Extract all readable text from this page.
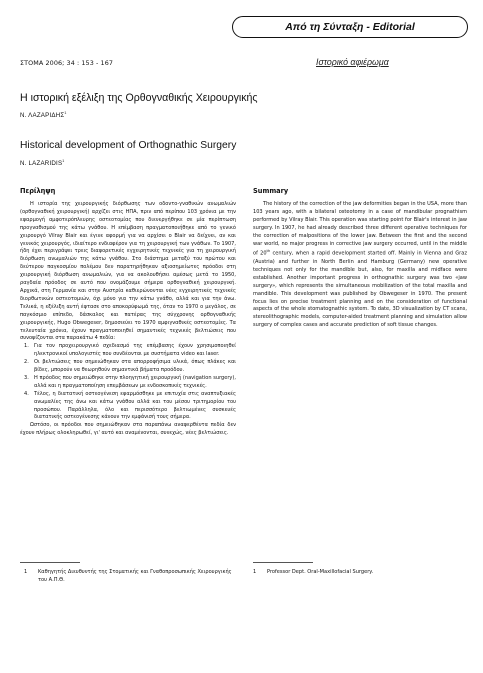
Από τη Σύνταξη - Editorial
ΣΤΟΜΑ 2006; 34 : 153 - 167	Ιστορικό αφιέρωμα
Η ιστορική εξέλιξη της Ορθογναθικής Χειρουργικής
Ν. ΛΑΖΑΡΙΔΗΣ$^1$
Historical development of Orthognathic Surgery
N. LAZARIDIS$^1$
Περίληψη	Summary

Η ιστορία της χειρουργικής διόρθωσης των οδοντο-γναθικών ανωμαλιών (ορθογναθική χειρουργική) αρχίζει στις ΗΠΑ, πριν από περίπου 103 χρόνια με την εφαρμογή αμφοτερόπλευρης οστεοτομίας που διενεργήθηκε σε μία περίπτωση προγναθισμού της κάτω γνάθου. Η επέμβαση πραγματοποιήθηκε από το γενικό χειρουργό Vilray Blair και έγινε αφορμή για να αρχίσει ο Blair να δείχνει, αν και γενικός χειρουργός, ιδιαίτερο ενδιαφέρον για τη χειρουργική των γνάθων. Το 1907, ήδη έχει περιγράψει τρεις διαφορετικές εγχειρητικές τεχνικές για τη χειρουργική διόρθωση ανωμαλιών της κάτω γνάθου. Στο διάστημα μεταξύ του πρώτου και δεύτερου παγκοσμίου πολέμου δεν παρατηρήθηκαν αξιοσημείωτες πρόοδοι στη χειρουργική διόρθωση ανωμαλιών, για να ακολουθήσει αμέσως μετά το 1950, ραγδαία πρόοδος σε αυτό που ονομάζουμε σήμερα ορθογναθική χειρουργική. Αρχικά, στη Γερμανία και στην Αυστρία καθιερώνονται νέες εγχειρητικές τεχνικές διορθωτικών οστεοτομιών, όχι μόνο για την κάτω γνάθο, αλλά και για την άνω. Τελικά, η εξέλιξη αυτή έφτασε στο αποκορύφωμά της, όταν το 1970 ο μεγάλος, σε παγκόσμιο επίπεδο, δάσκαλος και πατέρας της σύγχρονης ορθογναθικής χειρουργικής, Hugo Obwegeser, δημοσιεύει το 1970 αμφιγναθικές οστεοτομίες. Τα τελευταία χρόνια, έχουν πραγματοποιηθεί σημαντικές τεχνικές βελτιώσεις που συνοψίζονται στα παρακάτω 4 πεδία:

1.	Για τον προχειρουργικό σχεδιασμό της επέμβασης έχουν χρησιμοποιηθεί ηλεκτρονικοί υπολογιστές που συνδέονται με συστήματα video και laser.
2.	Οι βελτιώσεις που σημειώθηκαν στα απορροφήσιμα υλικά, όπως πλάκες και βίδες, μπορούν να θεωρηθούν σημαντικά βήματα προόδου.
3.	Η πρόοδος που σημειώθηκε στην πλοηγητική χειρουργική (navigation surgery), αλλά και η πραγματοποίηση επεμβάσεων με ενδοσκοπικές τεχνικές.
4.	Τέλος, η διατατική οστεογένεση εφαρμόσθηκε με επιτυχία στις αναπτυξιακές ανωμαλίες της άνω και κάτω γνάθου αλλά και του μέσου τριτημορίου του προσώπου. Παράλληλα, όλο και περισσότερο βελτιωμένες συσκευές διατατικής οστεογένεσης κάνουν την εμφάνισή τους σήμερα.

Ωστόσο, οι πρόοδοι που σημειώθηκαν στα παραπάνω αναφερθέντα πεδία δεν έχουν πλήρως ολοκληρωθεί, γι' αυτό και αναμένονται, συνεχώς, νέες βελτιώσεις.

The history of the correction of the jaw deformities began in the USA, more than 103 years ago, with a bilateral osteotomy in a case of mandibular prognathism performed by Vilray Blair. This operation was starting point for Blair's interest in jaw surgery. In 1907, he had already described three different operative techniques for the correction of malpositions of the lower jaw. Between the first and the second war world, no major progress in corrective jaw surgery occurred, until in the middle of 20th century, when a rapid development started off. Mainly in Vienna and Graz (Austria) and further in North Berlin and Hamburg (Germany) new operative techniques not only for the mandible but, also, for maxilla and midface were established. Another important progress in orthognathic surgery was two «jaw surgery», which represents the simultaneous mobilization of the total maxilla and mandible. This development was published by Obwegeser in 1970. The present focus lies on precise treatment planning and on the consideration of functional aspects of the whole stomatognathic system. To date, 3D visualization by CT scans, stereolithographic models, computer-aided treatment planning and simulation allow surgery of complex cases and accurate prediction of soft tissue changes.

1	Καθηγητής Διευθυντής της Στοματικής και Γναθοπροσωπικής Χειρουργικής του Α.Π.Θ.
1	Professor Dept. Oral-Maxillofacial Surgery.
